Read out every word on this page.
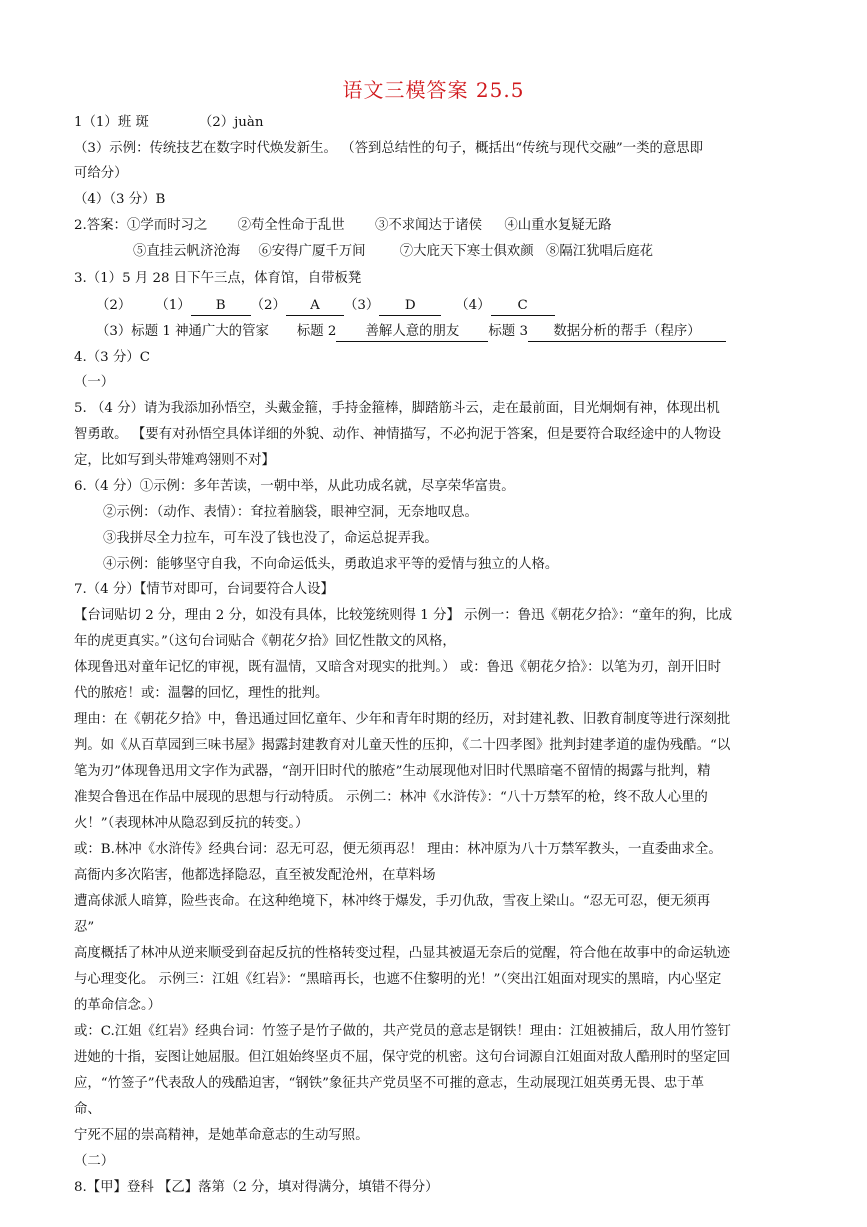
语文三模答案 25.5
1（1）班 斑	（2）juàn
（3）示例：传统技艺在数字时代焕发新生。 （答到总结性的句子，概括出“传统与现代交融”一类的意思即
可给分）
（4）（3 分）B
2.答案：①学而时习之 ②苟全性命于乱世 ③不求闻达于诸侯 ④山重水复疑无路
⑤直挂云帆济沧海 ⑥安得广厦千万间	⑦大庇天下寒士俱欢颜 ⑧隔江犹唱后庭花
3.（1）5 月 28 日下午三点，体育馆，自带板凳
（2） （1） B （2） A （3） D	（4） C
（3）标题 1 神通广大的管家 标题 2 善解人意的朋友 标题 3 数据分析的帮手（程序）
4.（3 分）C
（一）
5. （4 分）请为我添加孙悟空，头戴金箍，手持金箍棒，脚踏筋斗云，走在最前面，目光炯炯有神，体现出机
智勇敢。 【要有对孙悟空具体详细的外貌、动作、神情描写，不必拘泥于答案，但是要符合取经途中的人物设
定，比如写到头带雉鸡翎则不对】
6.（4 分）①示例：多年苦读，一朝中举，从此功成名就，尽享荣华富贵。
②示例：（动作、表情）：耷拉着脑袋，眼神空洞，无奈地叹息。
③我拼尽全力拉车，可车没了钱也没了，命运总捉弄我。
④示例：能够坚守自我，不向命运低头，勇敢追求平等的爱情与独立的人格。
7.（4 分）【情节对即可，台词要符合人设】
【台词贴切 2 分，理由 2 分，如没有具体，比较笼统则得 1 分】 示例一：鲁迅《朝花夕拾》：“童年的狗，比成
年的虎更真实。”（这句台词贴合《朝花夕拾》回忆性散文的风格，
体现鲁迅对童年记忆的审视，既有温情，又暗含对现实的批判。） 或：鲁迅《朝花夕拾》：以笔为刃，剖开旧时
代的脓疮！或：温馨的回忆，理性的批判。
理由：在《朝花夕拾》中，鲁迅通过回忆童年、少年和青年时期的经历，对封建礼教、旧教育制度等进行深刻批
判。如《从百草园到三味书屋》揭露封建教育对儿童天性的压抑，《二十四孝图》批判封建孝道的虚伪残酷。“以
笔为刃”体现鲁迅用文字作为武器，“剖开旧时代的脓疮”生动展现他对旧时代黑暗毫不留情的揭露与批判，精
准契合鲁迅在作品中展现的思想与行动特质。 示例二：林冲《水浒传》：“八十万禁军的枪，终不敌人心里的
火！”（表现林冲从隐忍到反抗的转变。）
或：B.林冲《水浒传》经典台词：忍无可忍，便无须再忍！ 理由：林冲原为八十万禁军教头，一直委曲求全。
高衙内多次陷害，他都选择隐忍，直至被发配沧州，在草料场
遭高俅派人暗算，险些丧命。在这种绝境下，林冲终于爆发，手刃仇敌，雪夜上梁山。“忍无可忍，便无须再
忍”
高度概括了林冲从逆来顺受到奋起反抗的性格转变过程，凸显其被逼无奈后的觉醒，符合他在故事中的命运轨迹
与心理变化。 示例三：江姐《红岩》：“黑暗再长，也遮不住黎明的光！”（突出江姐面对现实的黑暗，内心坚定
的革命信念。）
或：C.江姐《红岩》经典台词：竹签子是竹子做的，共产党员的意志是钢铁！理由：江姐被捕后，敌人用竹签钉
进她的十指，妄图让她屈服。但江姐始终坚贞不屈，保守党的机密。这句台词源自江姐面对敌人酷刑时的坚定回
应，“竹签子”代表敌人的残酷迫害，“钢铁”象征共产党员坚不可摧的意志，生动展现江姐英勇无畏、忠于革
命、
宁死不屈的崇高精神，是她革命意志的生动写照。
（二）
8.【甲】登科 【乙】落第（2 分，填对得满分，填错不得分）
